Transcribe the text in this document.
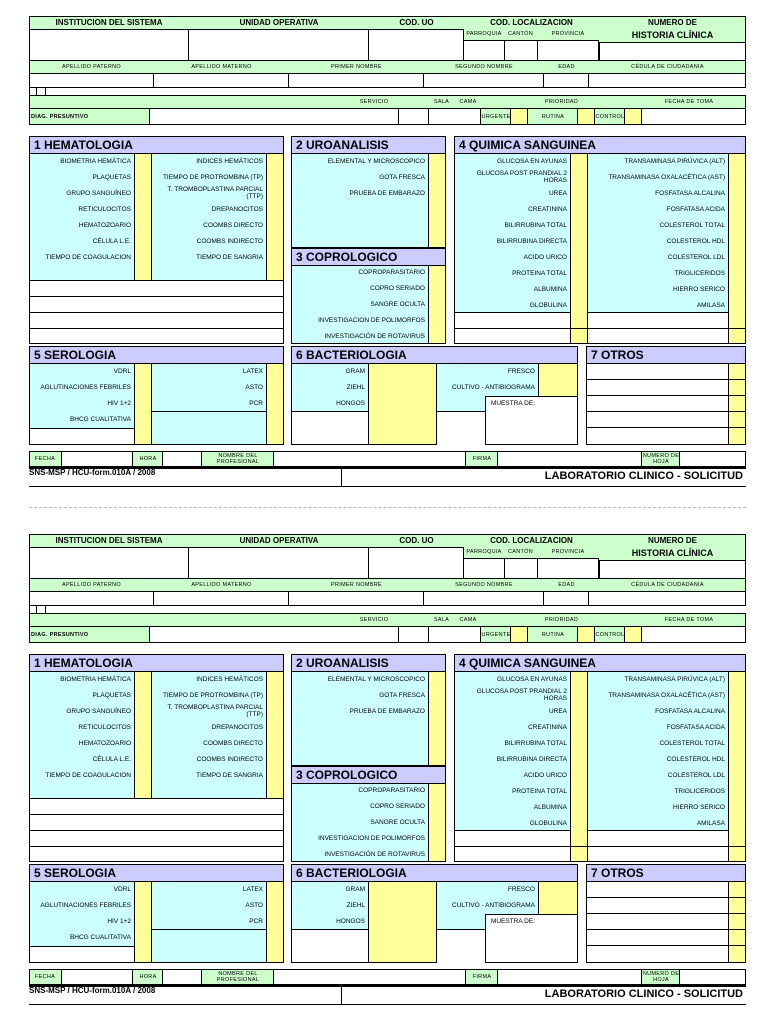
INSTITUCION DEL SISTEMA	UNIDAD OPERATIVA	COD. UO	COD. LOCALIZACION
PARROQUIA	CANTÓN	PROVINCIA
NUMERO DE
HISTORIA CLÍNICA
APELLIDO PATERNO	APELLIDO MATERNO	PRIMER NOMBRE	SEGUNDO NOMBRE	EDAD	CÉDULA DE CIUDADANIA
SERVICIO	SALA	CAMA	PRIORIDAD	FECHA DE TOMA
DIAG. PRESUNTIVO	URGENTE	RUTINA	CONTROL
1 HEMATOLOGIA	2 UROANALISIS
3 COPROLOGICO
4 QUIMICA SANGUINEA
5 SEROLOGIA	6 BACTERIOLOGIA	7 OTROS
FECHA	HORA
NOMBRE DEL PROFESIONAL	FIRMA
NUMERO DE HOJA
SNS-MSP / HCU-form.010A / 2008	LABORATORIO CLINICO - SOLICITUD
BIOMETRIA HEMÁTICA
PLAQUETAS
GRUPO SANGUÍNEO
RETICULOCITOS
HEMATOZOARIO
CÉLULA L.E.
TIEMPO DE COAGULACION
INDICES HEMÁTICOS
TIEMPO DE PROTROMBINA (TP)
T. TROMBOPLASTINA PARCIAL (TTP)
DREPANOCITOS
COOMBS DIRECTO
COOMBS INDIRECTO
TIEMPO DE SANGRIA
ELEMENTAL Y MICROSCOPICO
GOTA FRESCA
PRUEBA DE EMBARAZO
COPROPARASITARIO
COPRO SERIADO
SANGRE OCULTA
INVESTIGACION DE POLIMORFOS
INVESTIGACIÓN DE ROTAVIRUS
GLUCOSA EN AYUNAS
GLUCOSA POST PRANDIAL 2 HORAS
UREA
CREATININA
BILIRRUBINA TOTAL
BILIRRUBINA DIRECTA
ACIDO URICO
PROTEINA TOTAL
ALBUMINA
GLOBULINA
TRANSAMINASA PIRÚVICA (ALT)
TRANSAMINASA OXALACÉTICA (AST)
FOSFATASA ALCALINA
FOSFATASA ACIDA
COLESTEROL TOTAL
COLESTEROL HDL
COLESTEROL LDL
TRIGLICERIDOS
HIERRO SERICO
AMILASA
VDRL
AGLUTINACIONES FEBRILES
HIV 1+2
BHCG CUALITATIVA
LATEX
ASTO
PCR
GRAM
ZIEHL
HONGOS
FRESCO
CULTIVO - ANTIBIOGRAMA
MUESTRA DE:
INSTITUCION DEL SISTEMA	UNIDAD OPERATIVA	COD. UO	COD. LOCALIZACION
PARROQUIA	CANTÓN	PROVINCIA
NUMERO DE
HISTORIA CLÍNICA
APELLIDO PATERNO	APELLIDO MATERNO	PRIMER NOMBRE	SEGUNDO NOMBRE	EDAD	CÉDULA DE CIUDADANIA
SERVICIO	SALA	CAMA	PRIORIDAD	FECHA DE TOMA
DIAG. PRESUNTIVO	URGENTE	RUTINA	CONTROL
1 HEMATOLOGIA	2 UROANALISIS
3 COPROLOGICO
4 QUIMICA SANGUINEA
5 SEROLOGIA	6 BACTERIOLOGIA	7 OTROS
FECHA	HORA
NOMBRE DEL PROFESIONAL	FIRMA
NUMERO DE HOJA
SNS-MSP / HCU-form.010A / 2008	LABORATORIO CLINICO - SOLICITUD
BIOMETRIA HEMÁTICA
PLAQUETAS
GRUPO SANGUÍNEO
RETICULOCITOS
HEMATOZOARIO
CÉLULA L.E.
TIEMPO DE COAGULACION
INDICES HEMÁTICOS
TIEMPO DE PROTROMBINA (TP)
T. TROMBOPLASTINA PARCIAL (TTP)
DREPANOCITOS
COOMBS DIRECTO
COOMBS INDIRECTO
TIEMPO DE SANGRIA
ELEMENTAL Y MICROSCOPICO
GOTA FRESCA
PRUEBA DE EMBARAZO
COPROPARASITARIO
COPRO SERIADO
SANGRE OCULTA
INVESTIGACION DE POLIMORFOS
INVESTIGACIÓN DE ROTAVIRUS
GLUCOSA EN AYUNAS
GLUCOSA POST PRANDIAL 2 HORAS
UREA
CREATININA
BILIRRUBINA TOTAL
BILIRRUBINA DIRECTA
ACIDO URICO
PROTEINA TOTAL
ALBUMINA
GLOBULINA
TRANSAMINASA PIRÚVICA (ALT)
TRANSAMINASA OXALACÉTICA (AST)
FOSFATASA ALCALINA
FOSFATASA ACIDA
COLESTEROL TOTAL
COLESTEROL HDL
COLESTEROL LDL
TRIGLICERIDOS
HIERRO SERICO
AMILASA
VDRL
AGLUTINACIONES FEBRILES
HIV 1+2
BHCG CUALITATIVA
LATEX
ASTO
PCR
GRAM
ZIEHL
HONGOS
FRESCO
CULTIVO - ANTIBIOGRAMA
MUESTRA DE:
